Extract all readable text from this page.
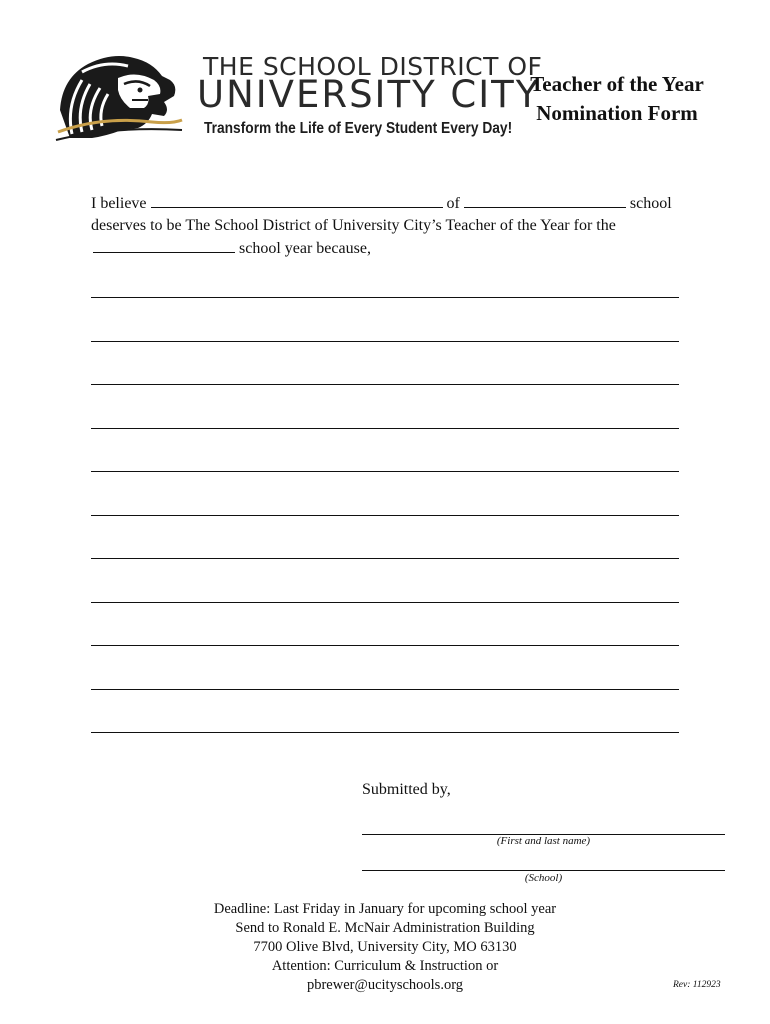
THE SCHOOL DISTRICT OF
UNIVERSITY CITY
Transform the Life of Every Student Every Day!
Teacher of the Year
Nomination Form
I believe	of	school
deserves to be The School District of University City’s Teacher of the Year for the
school year because,
Submitted by,
(First and last name)
(School)
Deadline: Last Friday in January for upcoming school year
Send to Ronald E. McNair Administration Building
7700 Olive Blvd, University City, MO 63130
Attention: Curriculum & Instruction or
pbrewer@ucityschools.org	Rev: 112923
